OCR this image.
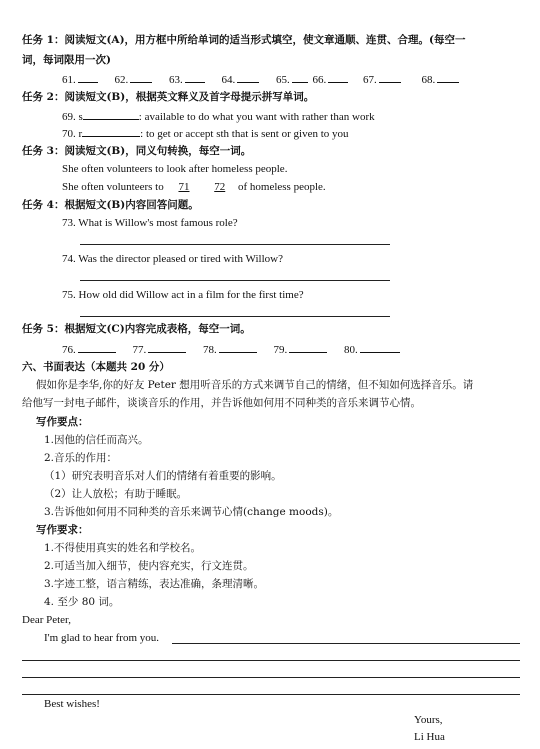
任务 1：阅读短文(A)，用方框中所给单词的适当形式填空，使文章通顺、连贯、合理。(每空一
词，每词限用一次)
61.	62.	63.	64.	65. 66.	67.	68.
任务 2：阅读短文(B)，根据英文释义及首字母提示拼写单词。
69. s	: available to do what you want with rather than work
70. r	: to get or accept sth that is sent or given to you
任务 3：阅读短文(B)，同义句转换，每空一词。
She often volunteers to look after homeless people.
She often volunteers to 71 72 of homeless people.
任务 4：根据短文(B)内容回答问题。
73. What is Willow's most famous role?
74. Was the director pleased or tired with Willow?
75. How old did Willow act in a film for the first time?
任务 5：根据短文(C)内容完成表格，每空一词。
76.	77.	78.	79.	80.
六、书面表达（本题共 20 分）
假如你是李华,你的好友 Peter 想用听音乐的方式来调节自己的情绪，但不知如何选择音乐。请
给他写一封电子邮件，谈谈音乐的作用，并告诉他如何用不同种类的音乐来调节心情。
写作要点：
1.因他的信任而高兴。
2.音乐的作用：
（1）研究表明音乐对人们的情绪有着重要的影响。
（2）让人放松；有助于睡眠。
3.告诉他如何用不同种类的音乐来调节心情(change moods)。
写作要求：
1.不得使用真实的姓名和学校名。
2.可适当加入细节，使内容充实，行文连贯。
3.字迹工整，语言精练，表达准确，条理清晰。
4. 至少 80 词。
Dear Peter,
I'm glad to hear from you.
Best wishes!
Yours,
Li Hua
